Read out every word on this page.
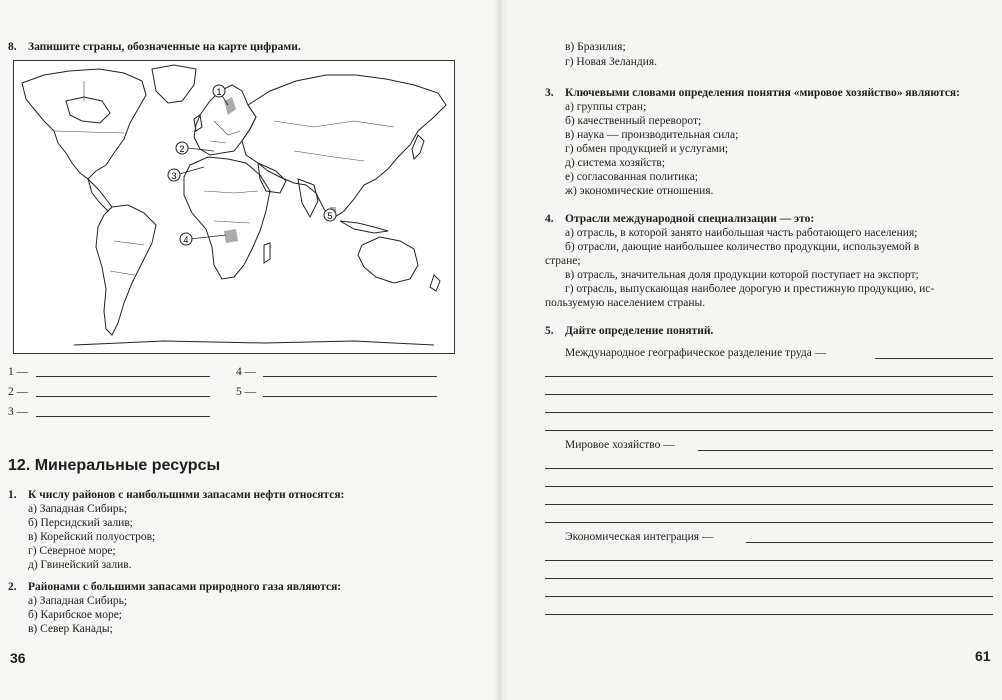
8. Запишите страны, обозначенные на карте цифрами.
1
2
3
4
5
1 —	4 —
2 —	5 —
3 —
12. Минеральные ресурсы
1. К числу районов с наибольшими запасами нефти относятся:
а) Западная Сибирь;
б) Персидский залив;
в) Корейский полуостров;
г) Северное море;
д) Гвинейский залив.
2. Районами с большими запасами природного газа являются:
а) Западная Сибирь;
б) Карибское море;
в) Север Канады;
36
в) Бразилия;
г) Новая Зеландия.
3. Ключевыми словами определения понятия «мировое хозяйство» являются:
а) группы стран;
б) качественный переворот;
в) наука — производительная сила;
г) обмен продукцией и услугами;
д) система хозяйств;
е) согласованная политика;
ж) экономические отношения.
4. Отрасли международной специализации — это:
а) отрасль, в которой занято наибольшая часть работающего населения;
б) отрасли, дающие наибольшее количество продукции, используемой в
стране;
в) отрасль, значительная доля продукции которой поступает на экспорт;
г) отрасль, выпускающая наиболее дорогую и престижную продукцию, ис-
пользуемую населением страны.
5. Дайте определение понятий.
Международное географическое разделение труда —
Мировое хозяйство —
Экономическая интеграция —
61
